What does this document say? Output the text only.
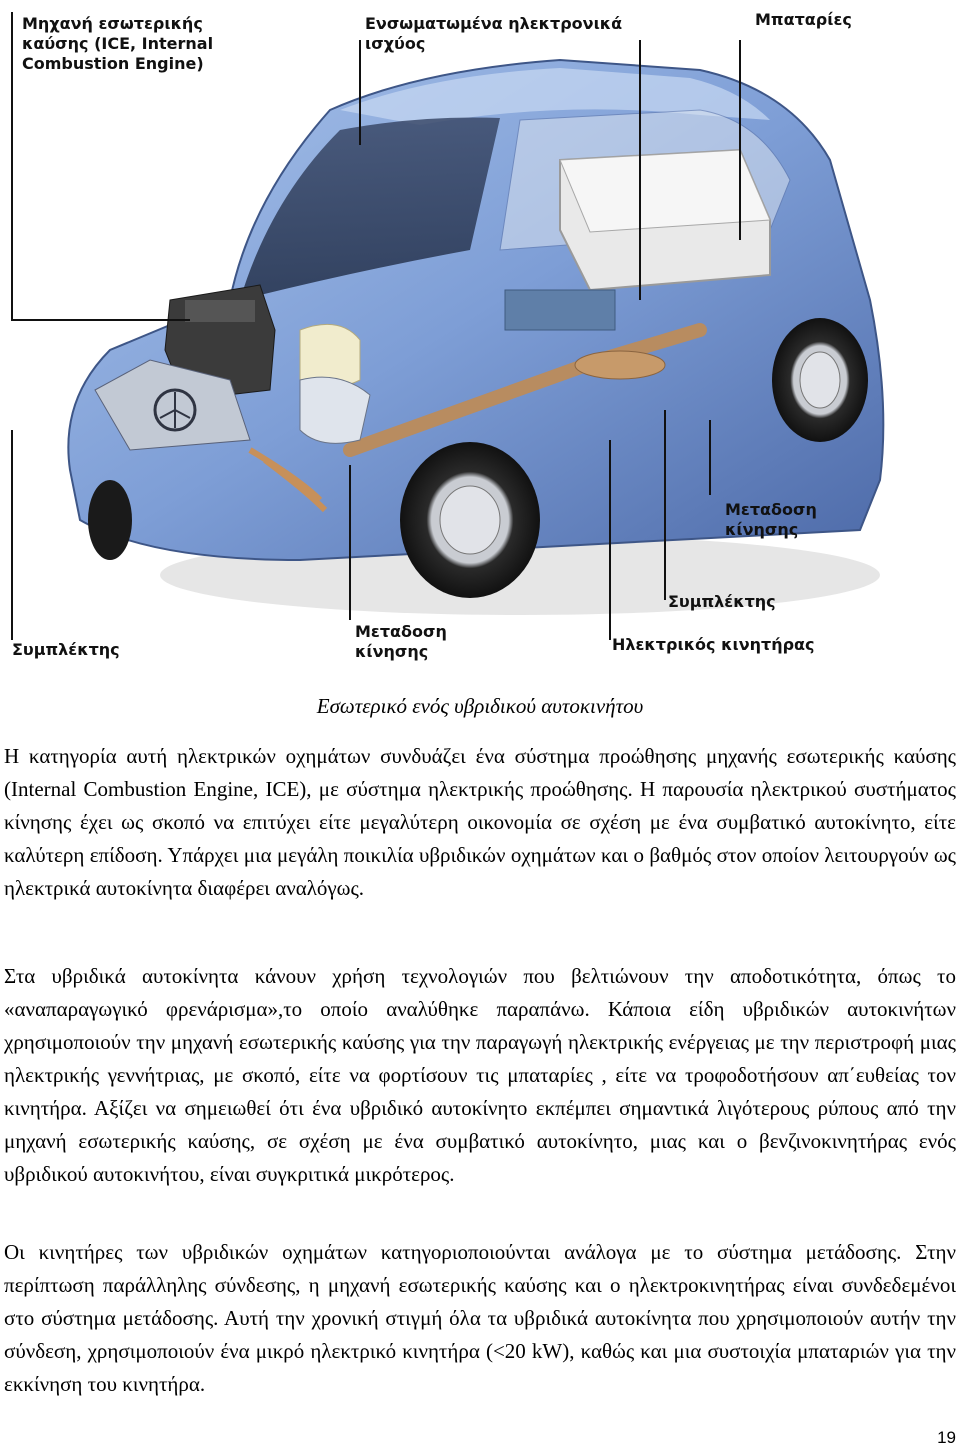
Μηχανή εσωτερικής
καύσης (ICE, Internal
Combustion Engine)
Ενσωματωμένα ηλεκτρονικά
ισχύος
Μπαταρίες
Μεταδοση
κίνησης
Συμπλέκτης
Ηλεκτρικός κινητήρας
Συμπλέκτης
Μεταδοση
κίνησης
Εσωτερικό ενός υβριδικού αυτοκινήτου

Η κατηγορία αυτή ηλεκτρικών οχημάτων συνδυάζει ένα σύστημα προώθησης μηχανής εσωτερικής καύσης (Internal Combustion Engine, ICE), με σύστημα ηλεκτρικής προώθησης. Η παρουσία ηλεκτρικού συστήματος κίνησης έχει ως σκοπό να επιτύχει είτε μεγαλύτερη οικονομία σε σχέση με ένα συμβατικό αυτοκίνητο, είτε καλύτερη επίδοση. Υπάρχει μια μεγάλη ποικιλία υβριδικών οχημάτων και ο βαθμός στον οποίον λειτουργούν ως ηλεκτρικά αυτοκίνητα διαφέρει αναλόγως.

Στα υβριδικά αυτοκίνητα κάνουν χρήση τεχνολογιών που βελτιώνουν την αποδοτικότητα, όπως το «αναπαραγωγικό φρενάρισμα»,το οποίο αναλύθηκε παραπάνω. Κάποια είδη υβριδικών αυτοκινήτων χρησιμοποιούν την μηχανή εσωτερικής καύσης για την παραγωγή ηλεκτρικής ενέργειας με την περιστροφή μιας ηλεκτρικής γεννήτριας, με σκοπό, είτε να φορτίσουν τις μπαταρίες , είτε να τροφοδοτήσουν απ΄ευθείας τον κινητήρα. Αξίζει να σημειωθεί ότι ένα υβριδικό αυτοκίνητο εκπέμπει σημαντικά λιγότερους ρύπους από την μηχανή εσωτερικής καύσης, σε σχέση με ένα συμβατικό αυτοκίνητο, μιας και ο βενζινοκινητήρας ενός υβριδικού αυτοκινήτου, είναι συγκριτικά μικρότερος.

Οι κινητήρες των υβριδικών οχημάτων κατηγοριοποιούνται ανάλογα με το σύστημα μετάδοσης. Στην περίπτωση παράλληλης σύνδεσης, η μηχανή εσωτερικής καύσης και ο ηλεκτροκινητήρας είναι συνδεδεμένοι στο σύστημα μετάδοσης. Αυτή την χρονική στιγμή όλα τα υβριδικά αυτοκίνητα που χρησιμοποιούν αυτήν την σύνδεση, χρησιμοποιούν ένα μικρό ηλεκτρικό κινητήρα (<20 kW), καθώς και μια συστοιχία μπαταριών για την εκκίνηση του κινητήρα.

19
